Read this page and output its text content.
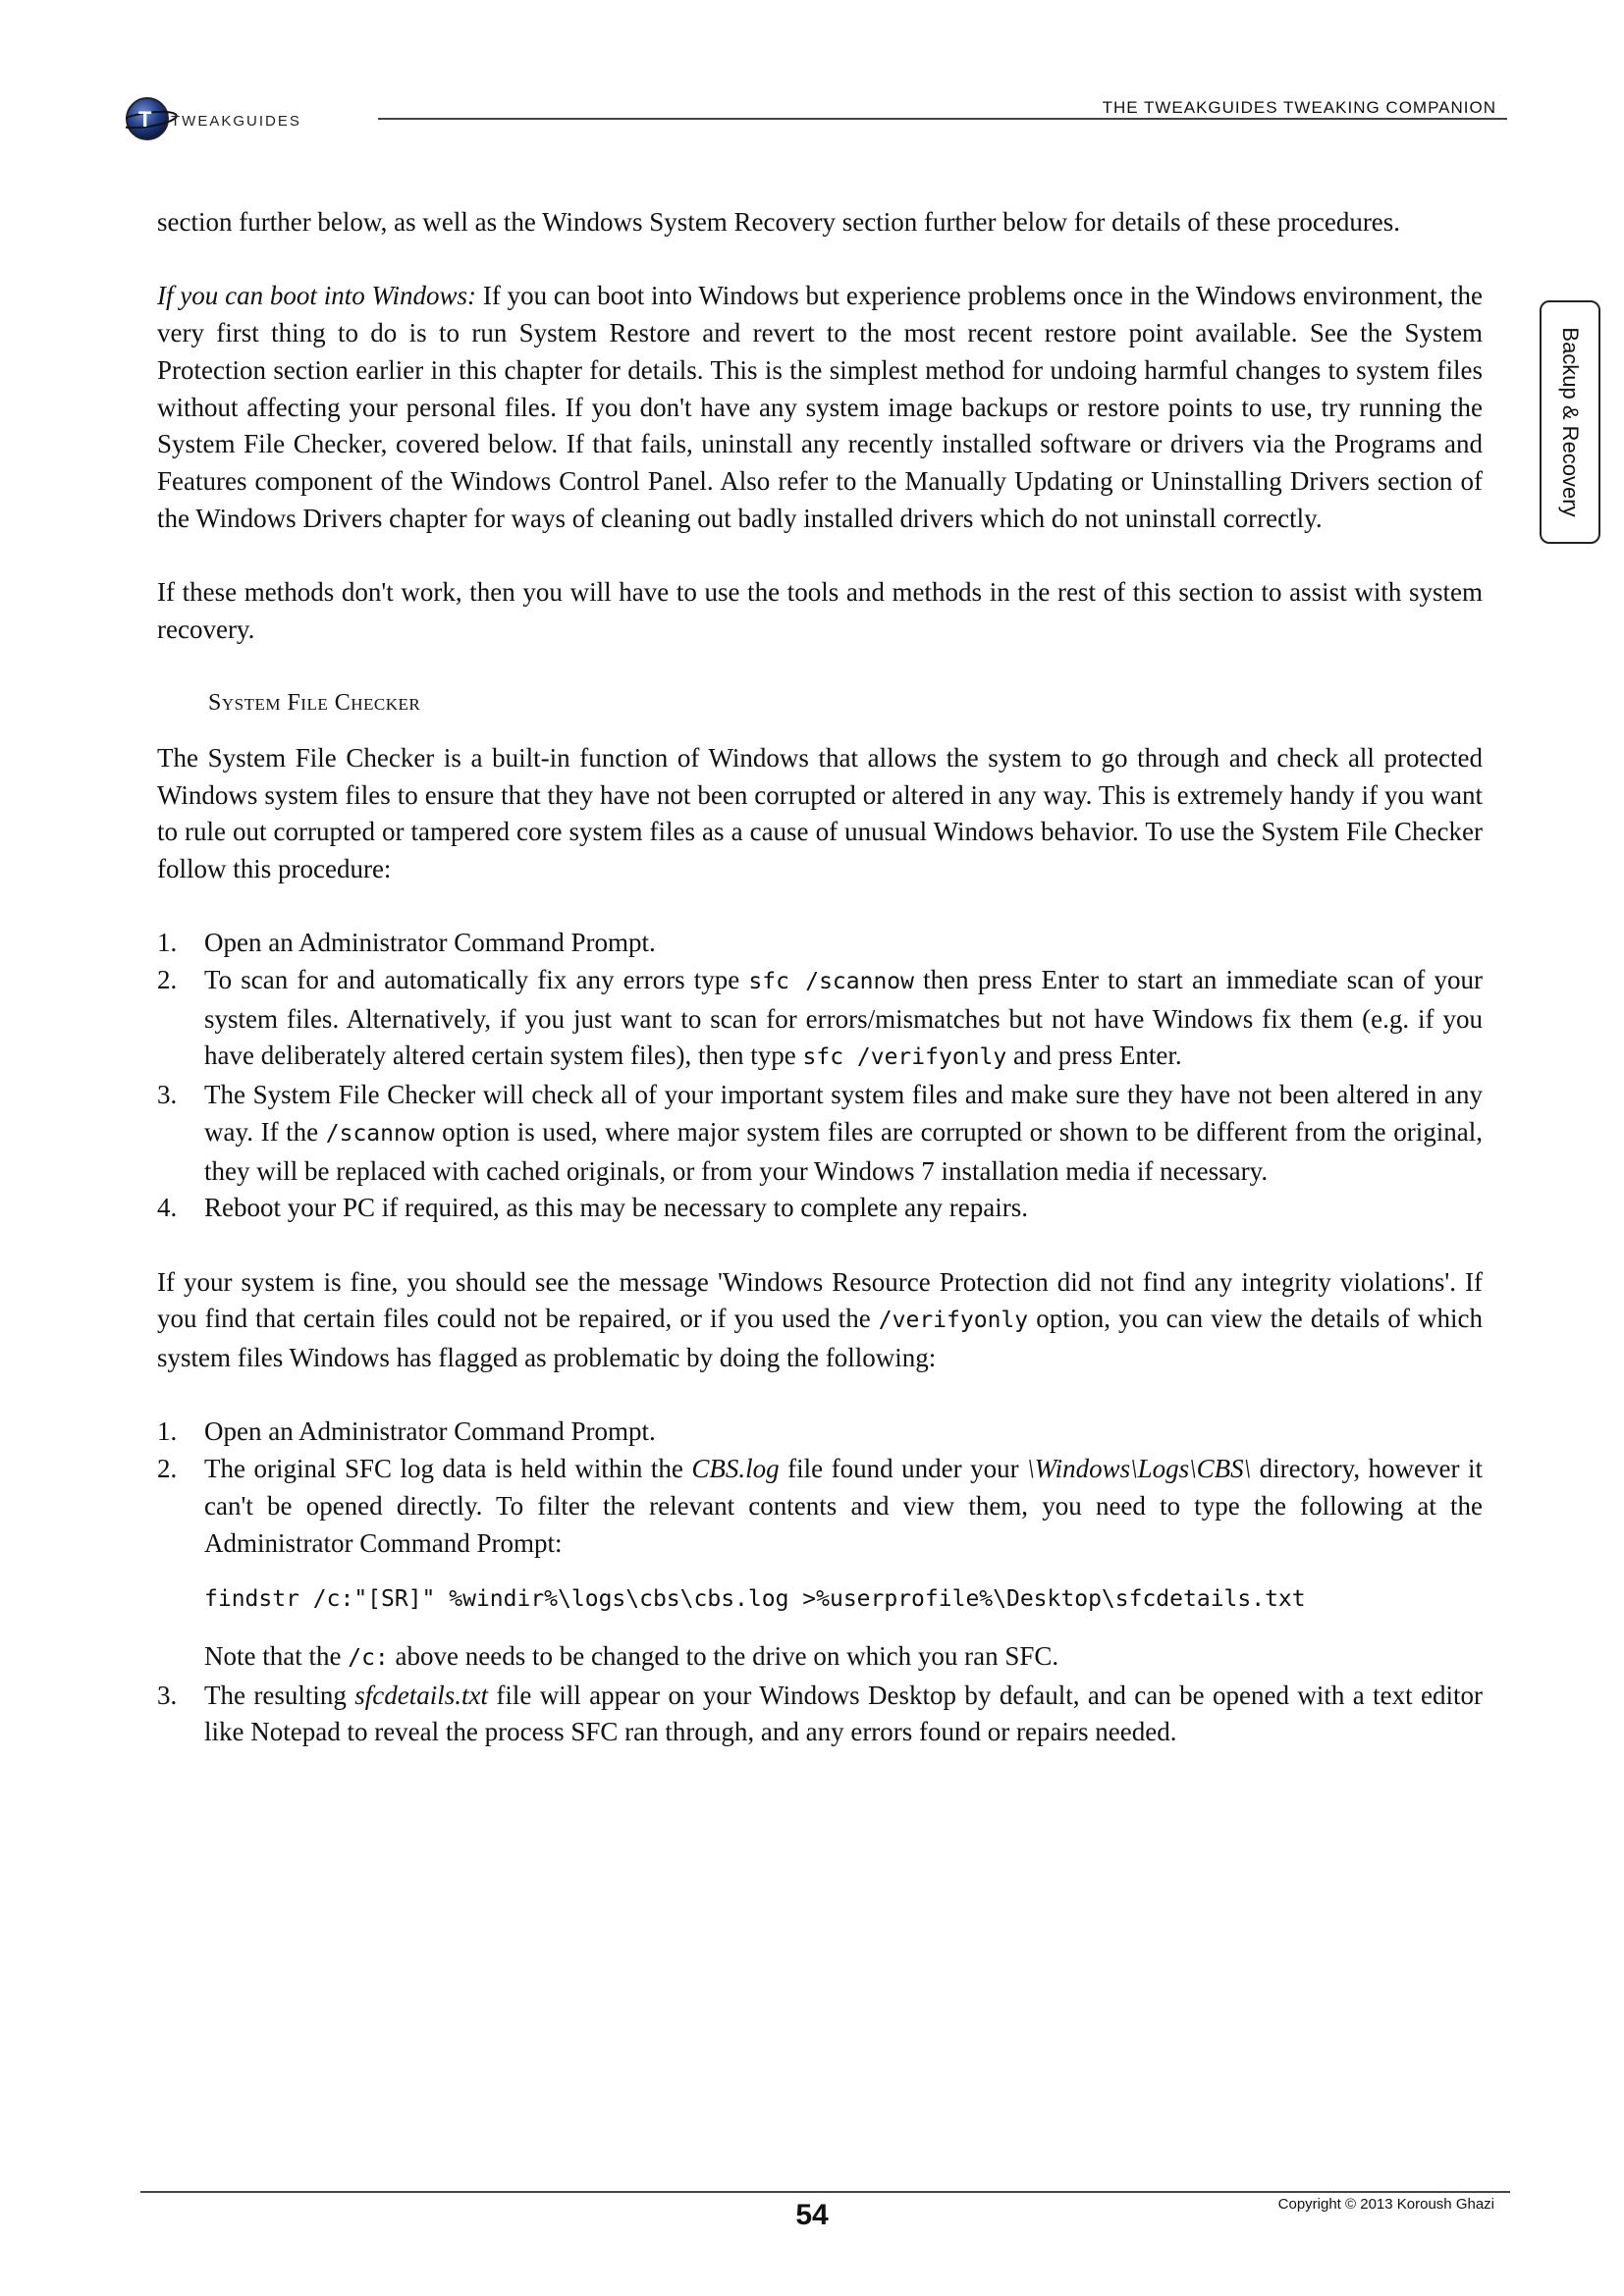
T TWEAKGUIDES
THE TWEAKGUIDES TWEAKING COMPANION
Backup & Recovery

section further below, as well as the Windows System Recovery section further below for details of these procedures.

If you can boot into Windows: If you can boot into Windows but experience problems once in the Windows environment, the very first thing to do is to run System Restore and revert to the most recent restore point available. See the System Protection section earlier in this chapter for details. This is the simplest method for undoing harmful changes to system files without affecting your personal files. If you don't have any system image backups or restore points to use, try running the System File Checker, covered below. If that fails, uninstall any recently installed software or drivers via the Programs and Features component of the Windows Control Panel. Also refer to the Manually Updating or Uninstalling Drivers section of the Windows Drivers chapter for ways of cleaning out badly installed drivers which do not uninstall correctly.

If these methods don't work, then you will have to use the tools and methods in the rest of this section to assist with system recovery.

System File Checker

The System File Checker is a built-in function of Windows that allows the system to go through and check all protected Windows system files to ensure that they have not been corrupted or altered in any way. This is extremely handy if you want to rule out corrupted or tampered core system files as a cause of unusual Windows behavior. To use the System File Checker follow this procedure:

1. Open an Administrator Command Prompt.
2. To scan for and automatically fix any errors type sfc /scannow then press Enter to start an immediate scan of your system files. Alternatively, if you just want to scan for errors/mismatches but not have Windows fix them (e.g. if you have deliberately altered certain system files), then type sfc /verifyonly and press Enter.
3. The System File Checker will check all of your important system files and make sure they have not been altered in any way. If the /scannow option is used, where major system files are corrupted or shown to be different from the original, they will be replaced with cached originals, or from your Windows 7 installation media if necessary.
4. Reboot your PC if required, as this may be necessary to complete any repairs.

If your system is fine, you should see the message 'Windows Resource Protection did not find any integrity violations'. If you find that certain files could not be repaired, or if you used the /verifyonly option, you can view the details of which system files Windows has flagged as problematic by doing the following:

1. Open an Administrator Command Prompt.
2. The original SFC log data is held within the CBS.log file found under your \Windows\Logs\CBS\ directory, however it can't be opened directly. To filter the relevant contents and view them, you need to type the following at the Administrator Command Prompt:
findstr /c:"[SR]" %windir%\logs\cbs\cbs.log >%userprofile%\Desktop\sfcdetails.txt
Note that the /c: above needs to be changed to the drive on which you ran SFC.
3. The resulting sfcdetails.txt file will appear on your Windows Desktop by default, and can be opened with a text editor like Notepad to reveal the process SFC ran through, and any errors found or repairs needed.
54	Copyright © 2013 Koroush Ghazi
